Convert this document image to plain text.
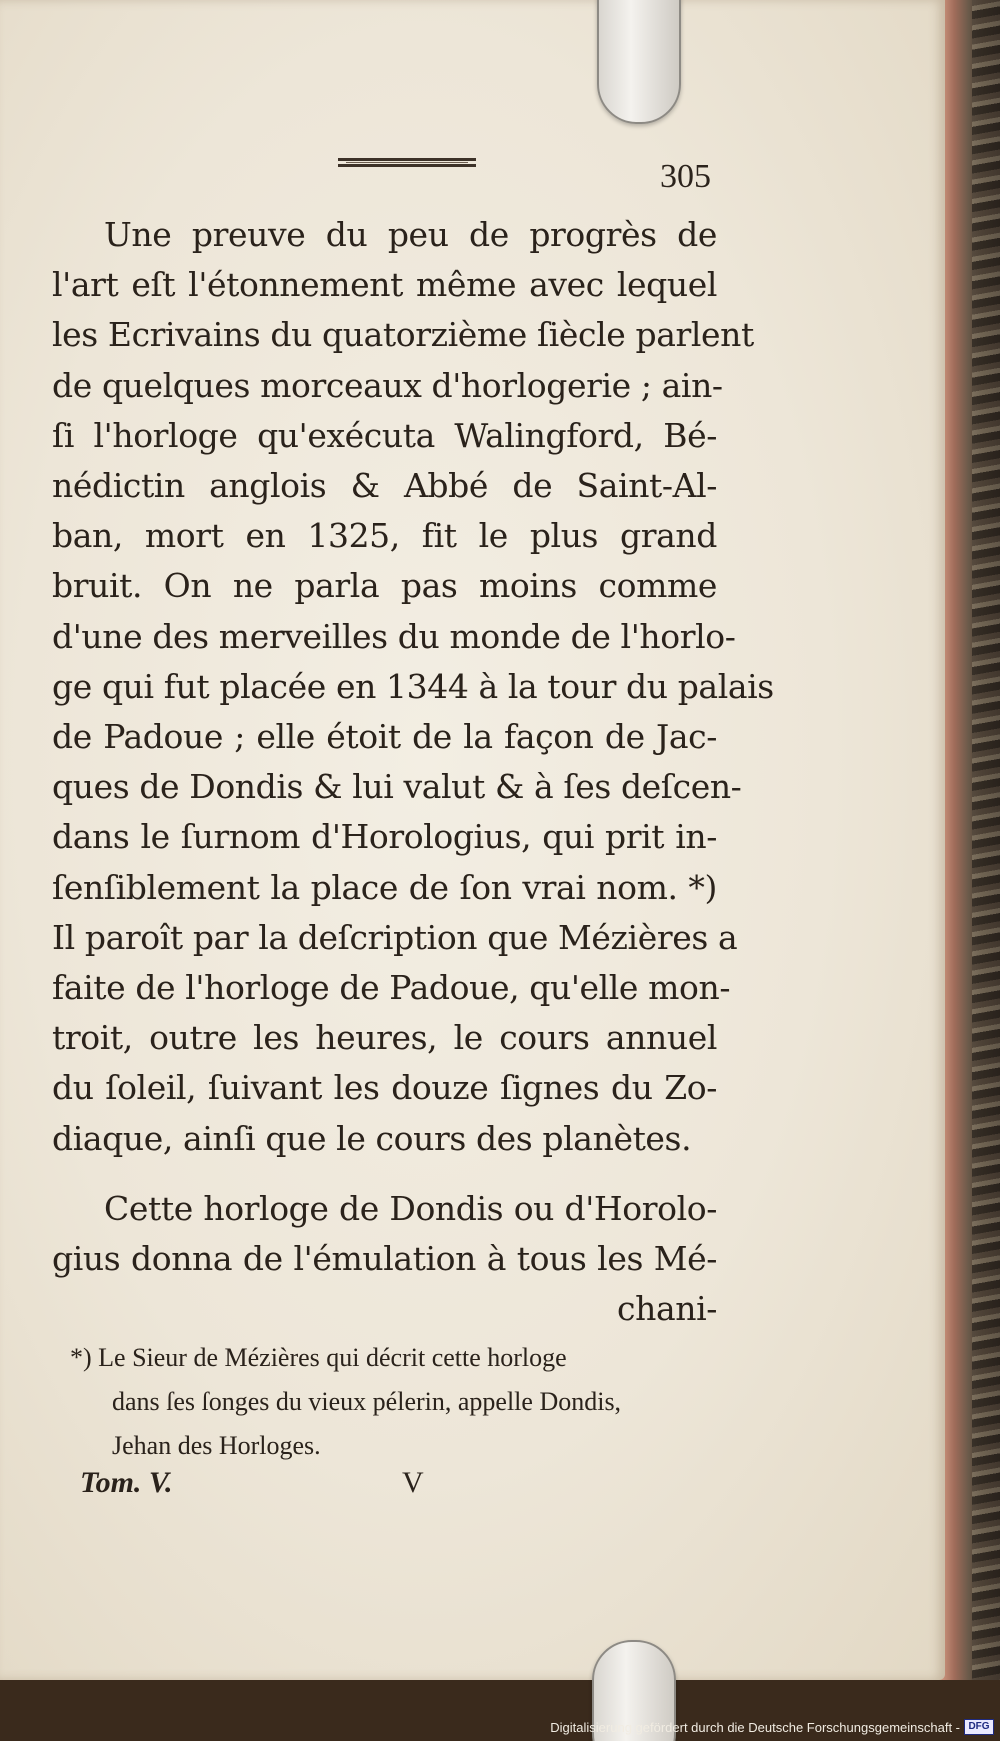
305
Une preuve du peu de progrès de
l'art eſt l'étonnement même avec lequel
les Ecrivains du quatorzième ſiècle parlent
de quelques morceaux d'horlogerie ; ain-
ſi l'horloge qu'exécuta Walingford, Bé-
nédictin anglois & Abbé de Saint-Al-
ban, mort en 1325, fit le plus grand
bruit. On ne parla pas moins comme
d'une des merveilles du monde de l'horlo-
ge qui fut placée en 1344 à la tour du palais
de Padoue ; elle étoit de la façon de Jac-
ques de Dondis & lui valut & à ſes deſcen-
dans le ſurnom d'Horologius, qui prit in-
ſenſiblement la place de ſon vrai nom. *)
Il paroît par la deſcription que Mézières a
faite de l'horloge de Padoue, qu'elle mon-
troit, outre les heures, le cours annuel
du ſoleil, ſuivant les douze ſignes du Zo-
diaque, ainſi que le cours des planètes.
Cette horloge de Dondis ou d'Horolo-
gius donna de l'émulation à tous les Mé-
chani-
*) Le Sieur de Mézières qui décrit cette horloge
dans ſes ſonges du vieux pélerin, appelle Dondis,
Jehan des Horloges.
Tom. V.	V
Digitalisierung gefördert durch die Deutsche Forschungsgemeinschaft - DFG
